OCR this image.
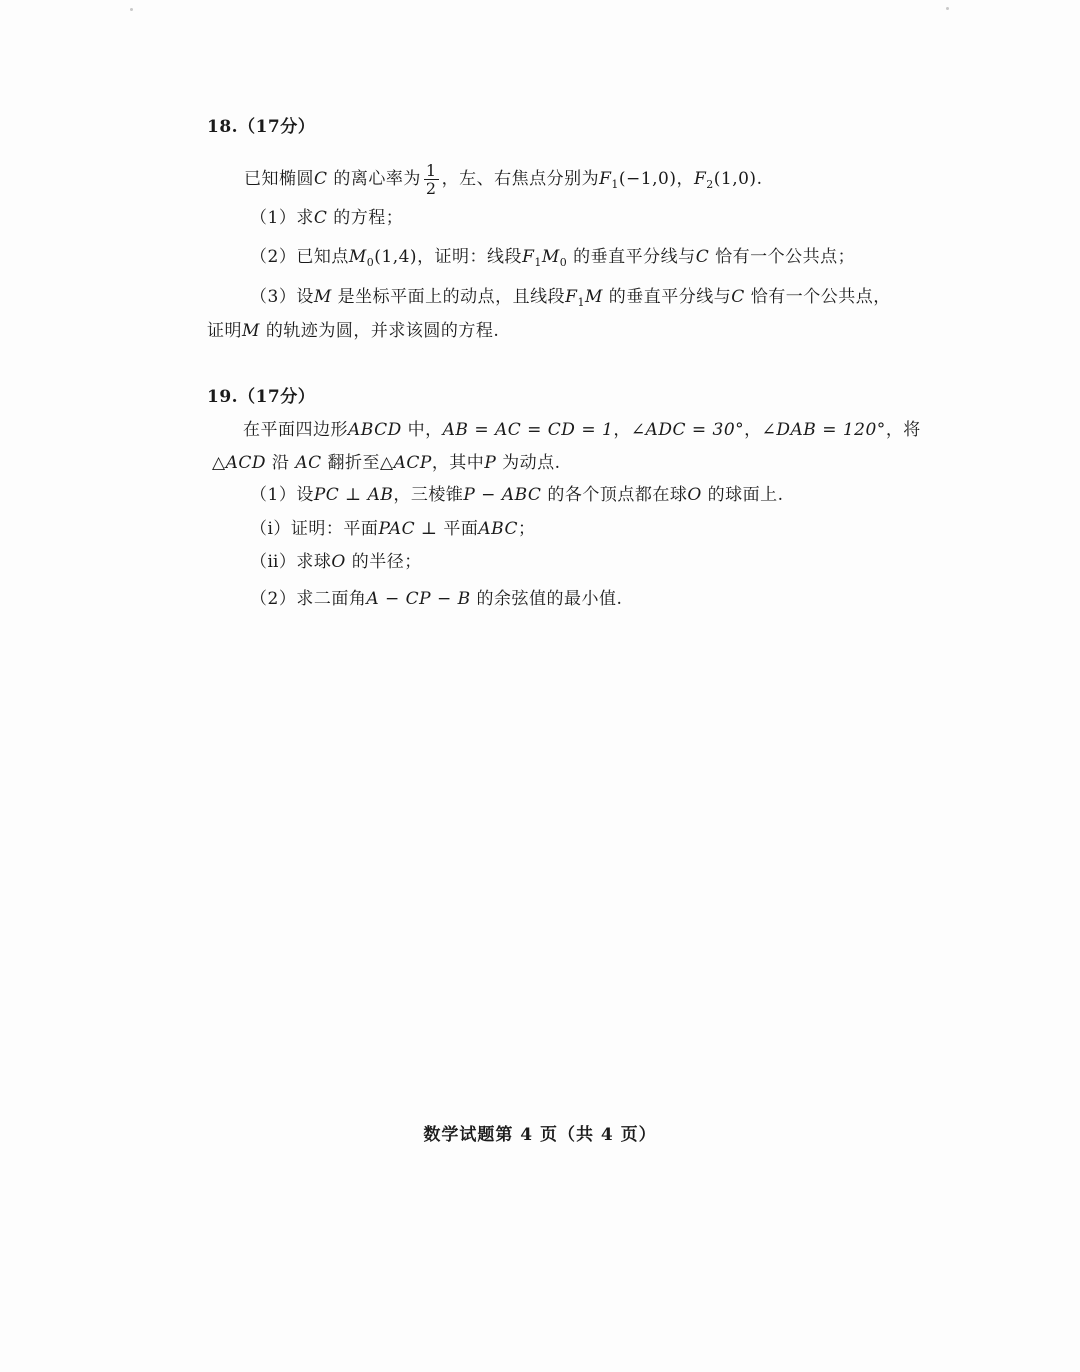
18.（17分）
已知椭圆C 的离心率为 $\frac{1}{2}$ ，左、右焦点分别为$F_1(-1,0)$，$F_2(1,0)$.
（1）求C 的方程；
（2）已知点$M_0(1,4)$，证明：线段$F_1M_0$ 的垂直平分线与C 恰有一个公共点；
（3）设M 是坐标平面上的动点，且线段$F_1M$ 的垂直平分线与C 恰有一个公共点，
证明M 的轨迹为圆，并求该圆的方程.
19.（17分）
在平面四边形ABCD 中，AB = AC = CD = 1，∠ADC = 30°，∠DAB = 120°，将
△ACD 沿 AC 翻折至△ACP，其中P 为动点.
（1）设PC ⊥ AB，三棱锥P − ABC 的各个顶点都在球O 的球面上.
（ⅰ）证明：平面PAC ⊥ 平面ABC；
（ⅱ）求球O 的半径；
（2）求二面角A − CP − B 的余弦值的最小值.
数学试题第 4 页（共 4 页）
